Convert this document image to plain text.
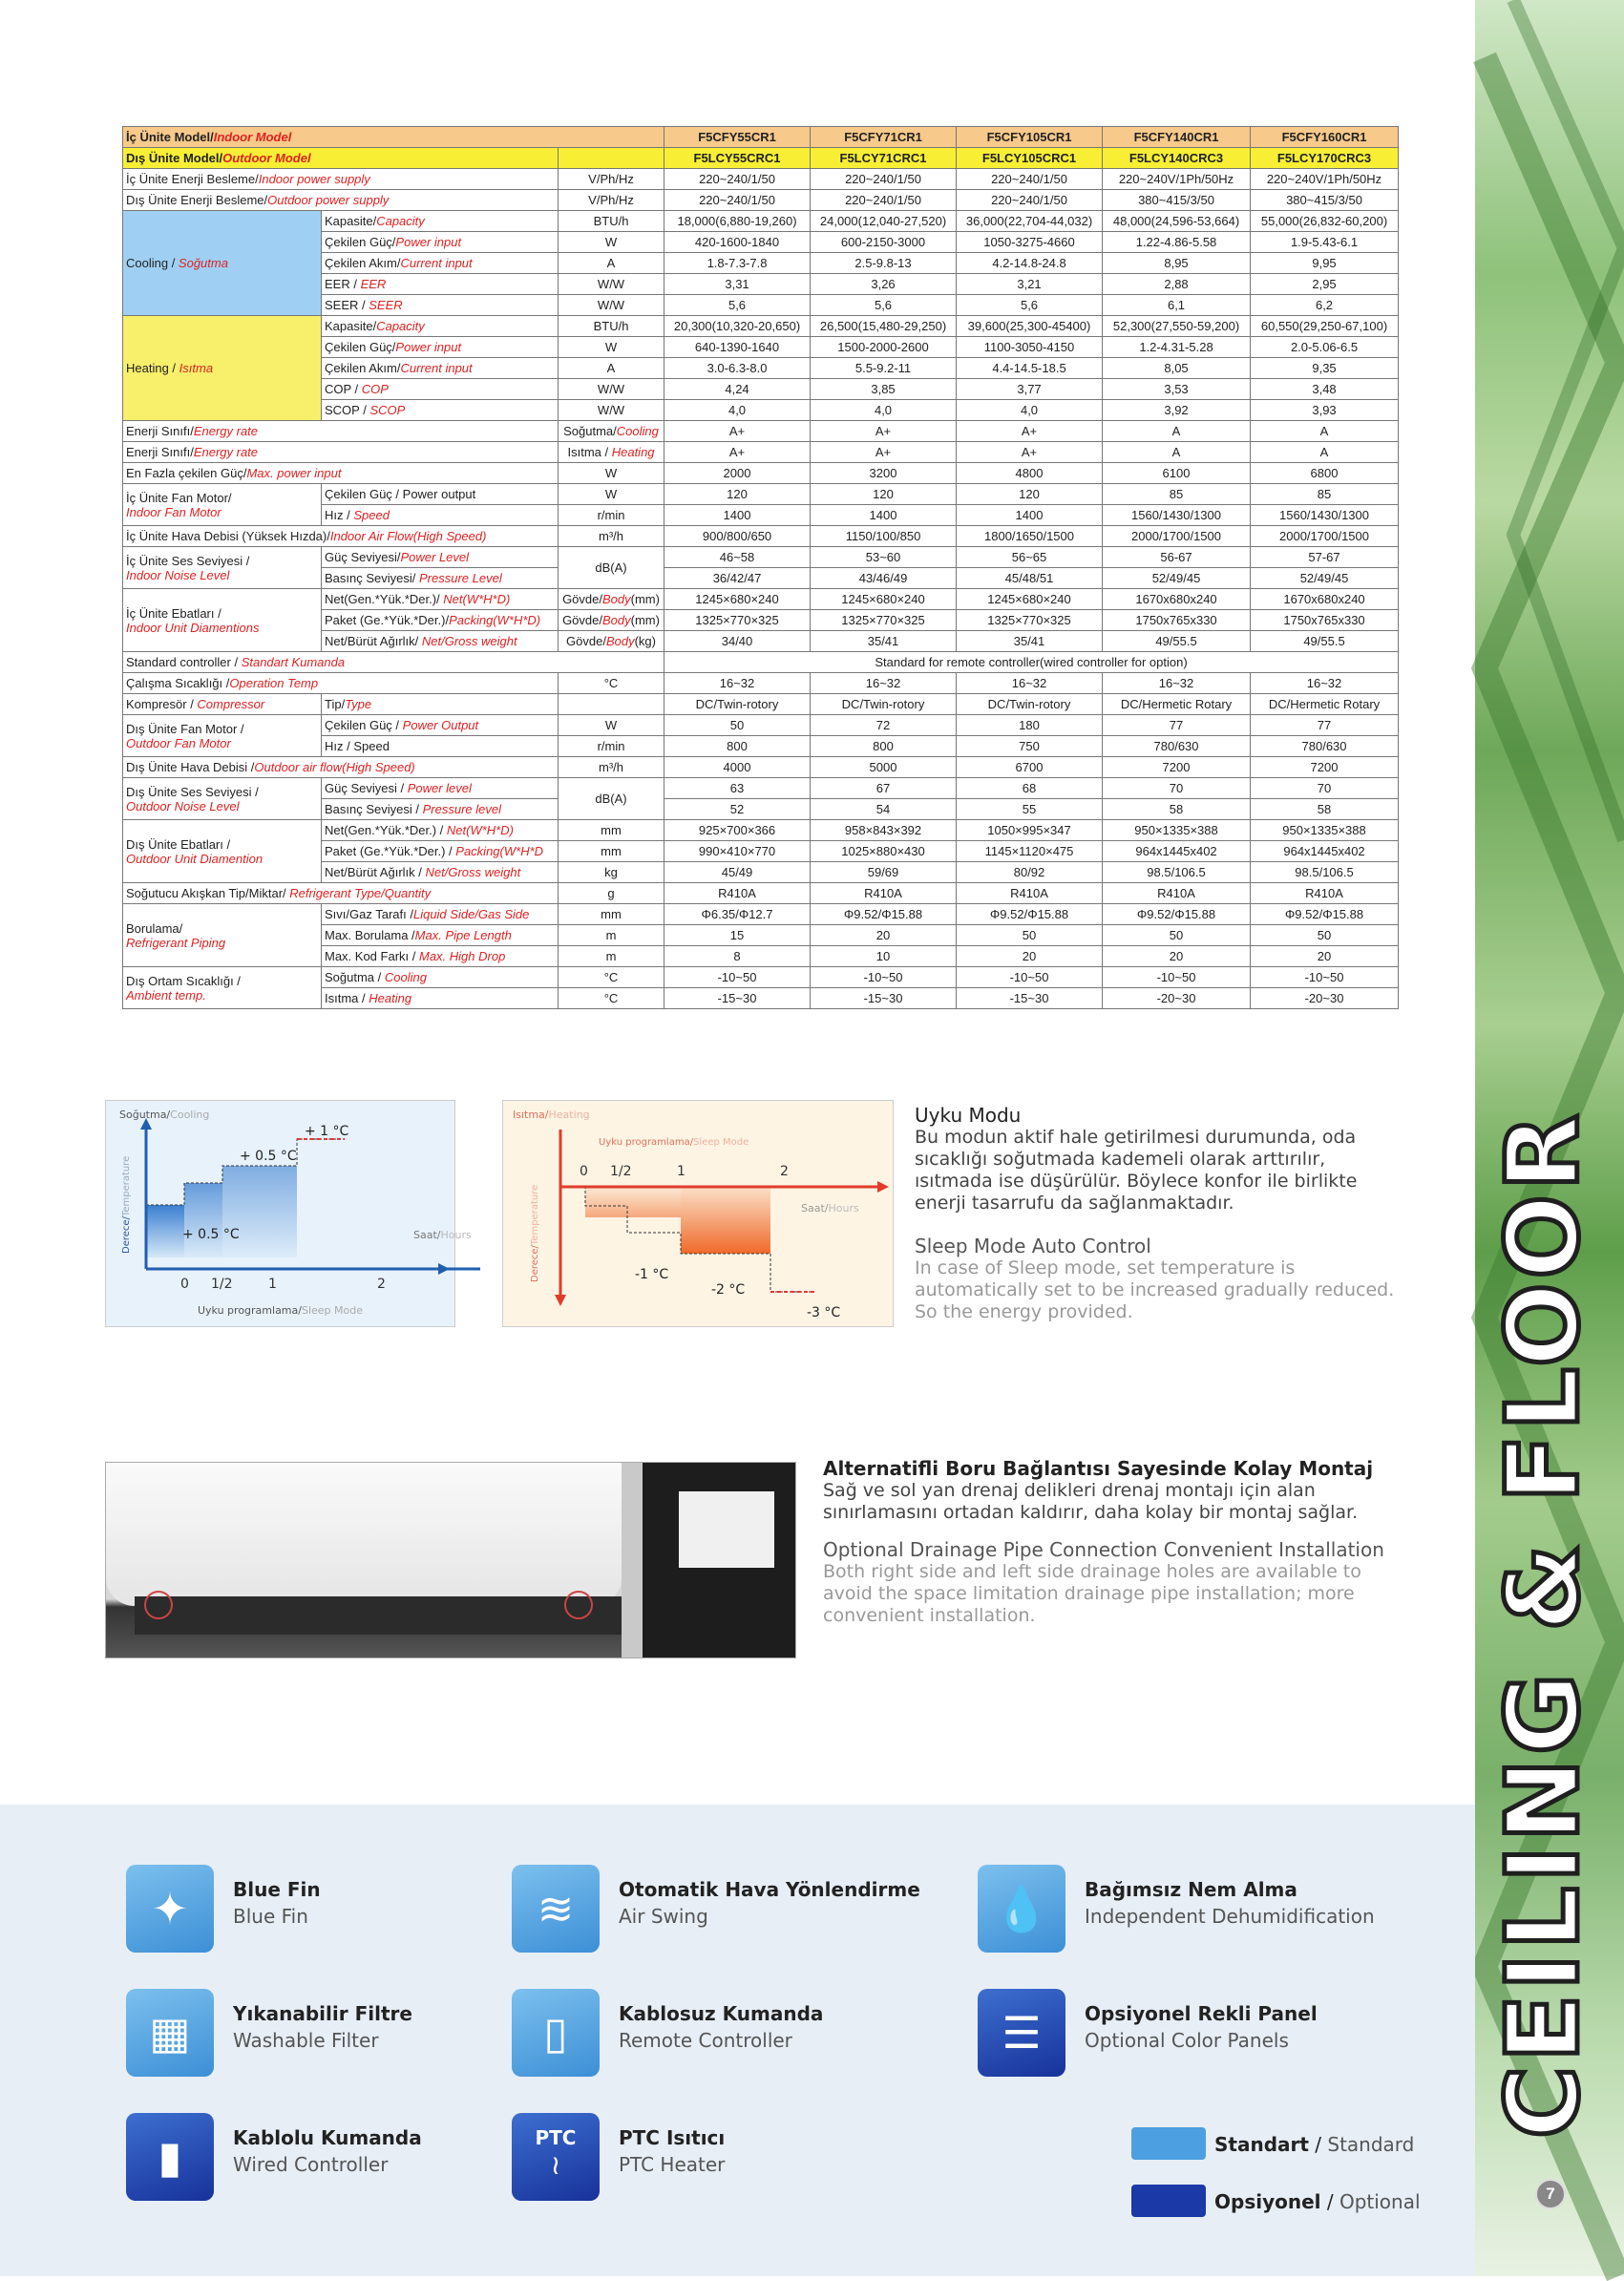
CEILING & FLOOR
7
İç Ünite Model/Indoor Model			F5CFY55CR1	F5CFY71CR1	F5CFY105CR1	F5CFY140CR1	F5CFY160CR1
Dış Ünite Model/Outdoor Model			F5LCY55CRC1	F5LCY71CRC1	F5LCY105CRC1	F5LCY140CRC3	F5LCY170CRC3
İç Ünite Enerji Besleme/Indoor power supply		V/Ph/Hz	220~240/1/50	220~240/1/50	220~240/1/50	220~240V/1Ph/50Hz	220~240V/1Ph/50Hz
Dış Ünite Enerji Besleme/Outdoor power supply		V/Ph/Hz	220~240/1/50	220~240/1/50	220~240/1/50	380~415/3/50	380~415/3/50
Cooling / Soğutma	Kapasite/Capacity	BTU/h	18,000(6,880-19,260)	24,000(12,040-27,520)	36,000(22,704-44,032)	48,000(24,596-53,664)	55,000(26,832-60,200)
	Çekilen Güç/Power input	W	420-1600-1840	600-2150-3000	1050-3275-4660	1.22-4.86-5.58	1.9-5.43-6.1
	Çekilen Akım/Current input	A	1.8-7.3-7.8	2.5-9.8-13	4.2-14.8-24.8	8,95	9,95
	EER / EER	W/W	3,31	3,26	3,21	2,88	2,95
	SEER / SEER	W/W	5,6	5,6	5,6	6,1	6,2
Heating / Isıtma	Kapasite/Capacity	BTU/h	20,300(10,320-20,650)	26,500(15,480-29,250)	39,600(25,300-45400)	52,300(27,550-59,200)	60,550(29,250-67,100)
	Çekilen Güç/Power input	W	640-1390-1640	1500-2000-2600	1100-3050-4150	1.2-4.31-5.28	2.0-5.06-6.5
	Çekilen Akım/Current input	A	3.0-6.3-8.0	5.5-9.2-11	4.4-14.5-18.5	8,05	9,35
	COP / COP	W/W	4,24	3,85	3,77	3,53	3,48
	SCOP / SCOP	W/W	4,0	4,0	4,0	3,92	3,93
Enerji Sınıfı/Energy rate		Soğutma/Cooling	A+	A+	A+	A	A
Enerji Sınıfı/Energy rate		Isıtma / Heating	A+	A+	A+	A	A
En Fazla çekilen Güç/Max. power input		W	2000	3200	4800	6100	6800
İç Ünite Fan Motor/
Indoor Fan Motor	Çekilen Güç / Power output	W	120	120	120	85	85
	Hız / Speed	r/min	1400	1400	1400	1560/1430/1300	1560/1430/1300
İç Ünite Hava Debisi (Yüksek Hızda)/Indoor Air Flow(High Speed)		m³/h	900/800/650	1150/100/850	1800/1650/1500	2000/1700/1500	2000/1700/1500
İç Ünite Ses Seviyesi /
Indoor Noise Level	Güç Seviyesi/Power Level	dB(A)	46~58	53~60	56~65	56-67	57-67
	Basınç Seviyesi/ Pressure Level		36/42/47	43/46/49	45/48/51	52/49/45	52/49/45
İç Ünite Ebatları /
Indoor Unit Diamentions	Net(Gen.*Yük.*Der.)/ Net(W*H*D)	Gövde/Body(mm)	1245×680×240	1245×680×240	1245×680×240	1670x680x240	1670x680x240
	Paket (Ge.*Yük.*Der.)/Packing(W*H*D)	Gövde/Body(mm)	1325×770×325	1325×770×325	1325×770×325	1750x765x330	1750x765x330
	Net/Bürüt Ağırlık/ Net/Gross weight	Gövde/Body(kg)	34/40	35/41	35/41	49/55.5	49/55.5
Standard controller / Standart Kumanda			Standard for remote controller(wired controller for option)				
Çalışma Sıcaklığı /Operation Temp		°C	16~32	16~32	16~32	16~32	16~32
Kompresör / Compressor	Tip/Type		DC/Twin-rotory	DC/Twin-rotory	DC/Twin-rotory	DC/Hermetic Rotary	DC/Hermetic Rotary
Dış Ünite Fan Motor /
Outdoor Fan Motor	Çekilen Güç / Power Output	W	50	72	180	77	77
	Hız / Speed	r/min	800	800	750	780/630	780/630
Dış Ünite Hava Debisi /Outdoor air flow(High Speed)		m³/h	4000	5000	6700	7200	7200
Dış Ünite Ses Seviyesi /
Outdoor Noise Level	Güç Seviyesi / Power level	dB(A)	63	67	68	70	70
	Basınç Seviyesi / Pressure level		52	54	55	58	58
Dış Ünite Ebatları /
Outdoor Unit Diamention	Net(Gen.*Yük.*Der.) / Net(W*H*D)	mm	925×700×366	958×843×392	1050×995×347	950×1335×388	950×1335×388
	Paket (Ge.*Yük.*Der.) / Packing(W*H*D	mm	990×410×770	1025×880×430	1145×1120×475	964x1445x402	964x1445x402
	Net/Bürüt Ağırlık / Net/Gross weight	kg	45/49	59/69	80/92	98.5/106.5	98.5/106.5
Soğutucu Akışkan Tip/Miktar/ Refrigerant Type/Quantity		g	R410A	R410A	R410A	R410A	R410A
Borulama/
Refrigerant Piping	Sıvı/Gaz Tarafı /Liquid Side/Gas Side	mm	Φ6.35/Φ12.7	Φ9.52/Φ15.88	Φ9.52/Φ15.88	Φ9.52/Φ15.88	Φ9.52/Φ15.88
	Max. Borulama /Max. Pipe Length	m	15	20	50	50	50
	Max. Kod Farkı / Max. High Drop	m	8	10	20	20	20
Dış Ortam Sıcaklığı /
Ambient temp.	Soğutma / Cooling	°C	-10~50	-10~50	-10~50	-10~50	-10~50
	Isıtma / Heating	°C	-15~30	-15~30	-15~30	-20~30	-20~30
Soğutma/Cooling
Derece/Temperature
Saat/Hours
+ 0.5 °C
+ 0.5 °C
+ 1 °C
0 1/2	1	2
Uyku programlama/Sleep Mode
Isıtma/Heating
Uyku programlama/Sleep Mode
Derece/Temperature	Saat/Hours
0 1/2	1	2
-1 °C
-2 °C
-3 °C
Uyku Modu
Bu modun aktif hale getirilmesi durumunda, oda
sıcaklığı soğutmada kademeli olarak arttırılır,
ısıtmada ise düşürülür. Böylece konfor ile birlikte
enerji tasarrufu da sağlanmaktadır.
Sleep Mode Auto Control
In case of Sleep mode, set temperature is
automatically set to be increased gradually reduced.
So the energy provided.
Alternatifli Boru Bağlantısı Sayesinde Kolay Montaj
Sağ ve sol yan drenaj delikleri drenaj montajı için alan
sınırlamasını ortadan kaldırır, daha kolay bir montaj sağlar.
Optional Drainage Pipe Connection Convenient Installation
Both right side and left side drainage holes are available to
avoid the space limitation drainage pipe installation; more
convenient installation.
✦	Blue Fin
Blue Fin	≋	Otomatik Hava Yönlendirme
Air Swing	💧	Bağımsız Nem Alma
Independent Dehumidification
▦	Yıkanabilir Filtre
Washable Filter	▯	Kablosuz Kumanda
Remote Controller	☰	Opsiyonel Rekli Panel
Optional Color Panels
▮	Kablolu Kumanda
Wired Controller
PTC
≀
PTC Isıtıcı
PTC Heater
Standart / Standard
Opsiyonel / Optional
